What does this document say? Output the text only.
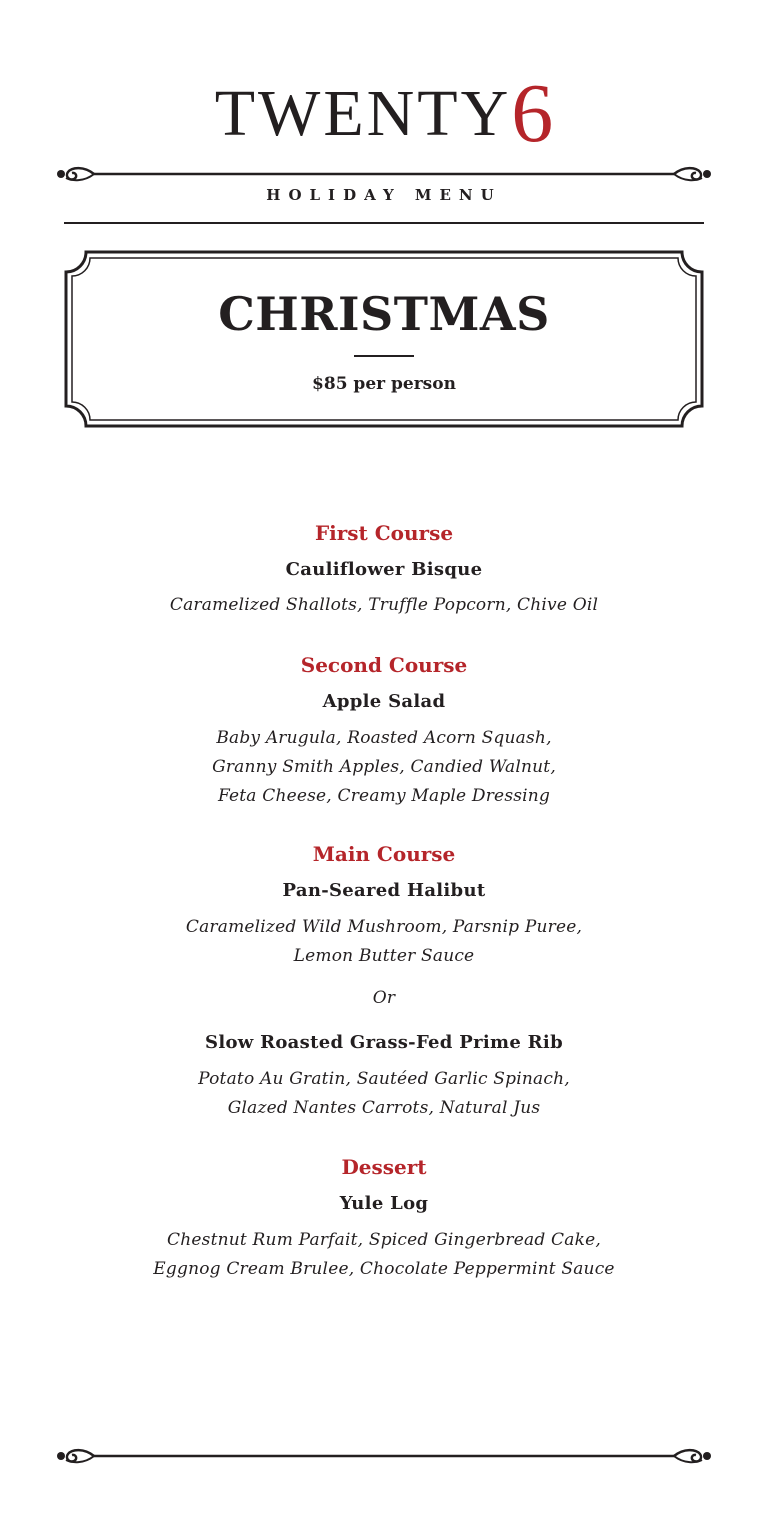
TWENTY6
HOLIDAY MENU
CHRISTMAS
$85 per person
First Course
Cauliflower Bisque
Caramelized Shallots, Truffle Popcorn, Chive Oil
Second Course
Apple Salad
Baby Arugula, Roasted Acorn Squash,
Granny Smith Apples, Candied Walnut,
Feta Cheese, Creamy Maple Dressing
Main Course
Pan-Seared Halibut
Caramelized Wild Mushroom, Parsnip Puree,
Lemon Butter Sauce
Or
Slow Roasted Grass-Fed Prime Rib
Potato Au Gratin, Sautéed Garlic Spinach,
Glazed Nantes Carrots, Natural Jus
Dessert
Yule Log
Chestnut Rum Parfait, Spiced Gingerbread Cake,
Eggnog Cream Brulee, Chocolate Peppermint Sauce
